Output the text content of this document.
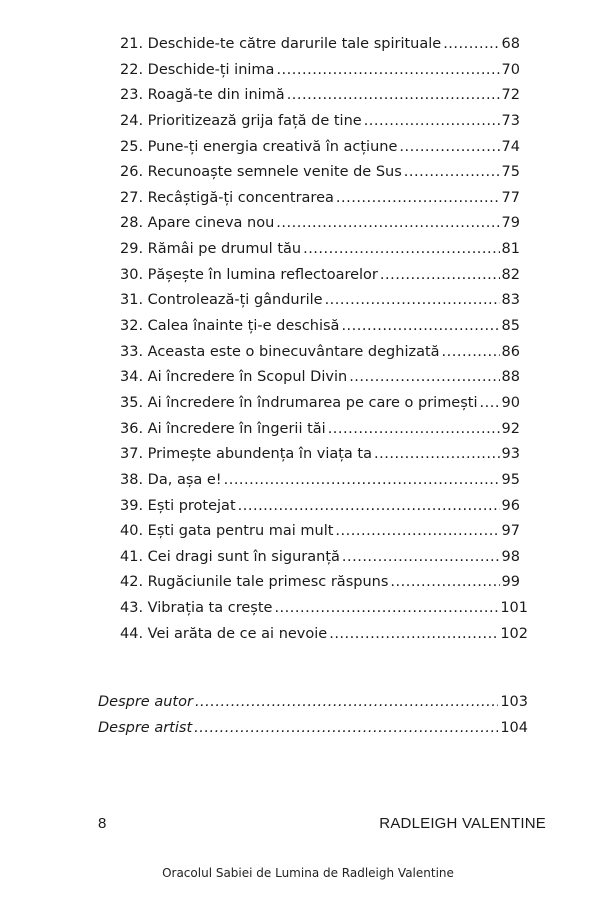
21. Deschide-te către darurile tale spirituale .....	68
22. Deschide-ți inima .....	70
23. Roagă-te din inimă .....	72
24. Prioritizează grija față de tine .....	73
25. Pune-ți energia creativă în acțiune .....	74
26. Recunoaște semnele venite de Sus .....	75
27. Recâștigă-ți concentrarea .....	77
28. Apare cineva nou .....	79
29. Rămâi pe drumul tău .....	81
30. Pășește în lumina reflectoarelor .....	82
31. Controlează-ți gândurile .....	83
32. Calea înainte ți-e deschisă .....	85
33. Aceasta este o binecuvântare deghizată .....	86
34. Ai încredere în Scopul Divin .....	88
35. Ai încredere în îndrumarea pe care o primești ..... 90
36. Ai încredere în îngerii tăi .....	92
37. Primește abundența în viața ta .....	93
38. Da, așa e! .....	95
39. Ești protejat .....	96
40. Ești gata pentru mai mult .....	97
41. Cei dragi sunt în siguranță .....	98
42. Rugăciunile tale primesc răspuns .....	99
43. Vibrația ta crește .....	101
44. Vei arăta de ce ai nevoie .....	102
Despre autor .....	103
Despre artist .....	104
8	RADLEIGH VALENTINE
Oracolul Sabiei de Lumina de Radleigh Valentine
